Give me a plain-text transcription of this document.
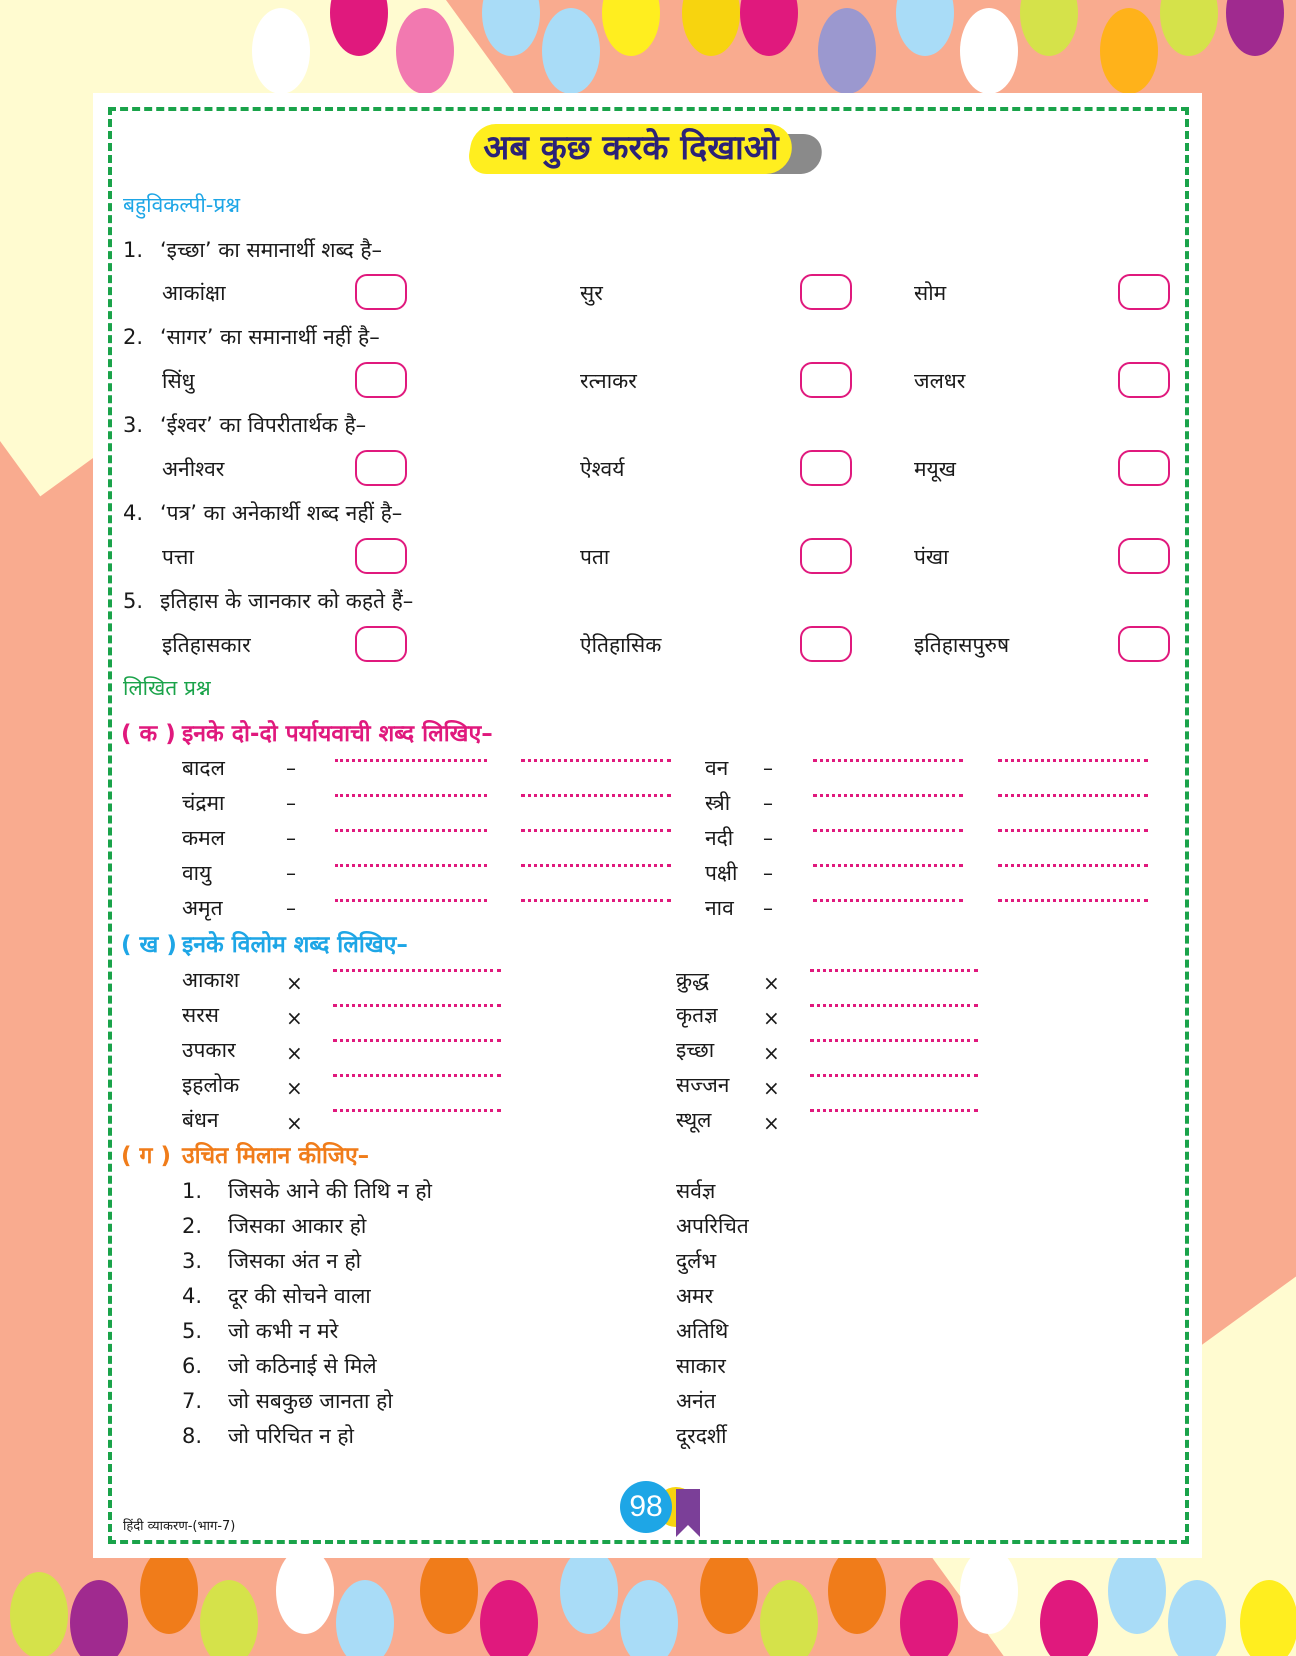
अब कुछ करके दिखाओ
बहुविकल्पी-प्रश्न
1. ‘इच्छा’ का समानार्थी शब्द है–
आकांक्षा	सुर	सोम
2. ‘सागर’ का समानार्थी नहीं है–
सिंधु	रत्नाकर	जलधर
3. ‘ईश्वर’ का विपरीतार्थक है–
अनीश्वर	ऐश्वर्य	मयूख
4. ‘पत्र’ का अनेकार्थी शब्द नहीं है–
पत्ता	पता	पंखा
5. इतिहास के जानकार को कहते हैं–
इतिहासकार	ऐतिहासिक	इतिहासपुरुष
लिखित प्रश्न
( क ) इनके दो-दो पर्यायवाची शब्द लिखिए–
बादल	–	वन –
चंद्रमा	–	स्त्री –
कमल	–	नदी –
वायु	–	पक्षी –
अमृत	–	नाव –
( ख ) इनके विलोम शब्द लिखिए–
आकाश ×	क्रुद्ध	×
सरस	×	कृतज्ञ ×
उपकार	×	इच्छा ×
इहलोक ×	सज्जन ×
बंधन	×	स्थूल	×
( ग ) उचित मिलान कीजिए–
1. जिसके आने की तिथि न हो	सर्वज्ञ
2. जिसका आकार हो	अपरिचित
3. जिसका अंत न हो	दुर्लभ
4. दूर की सोचने वाला	अमर
5. जो कभी न मरे	अतिथि
6. जो कठिनाई से मिले	साकार
7. जो सबकुछ जानता हो	अनंत
8. जो परिचित न हो	दूरदर्शी
हिंदी व्याकरण-(भाग-7)
98
